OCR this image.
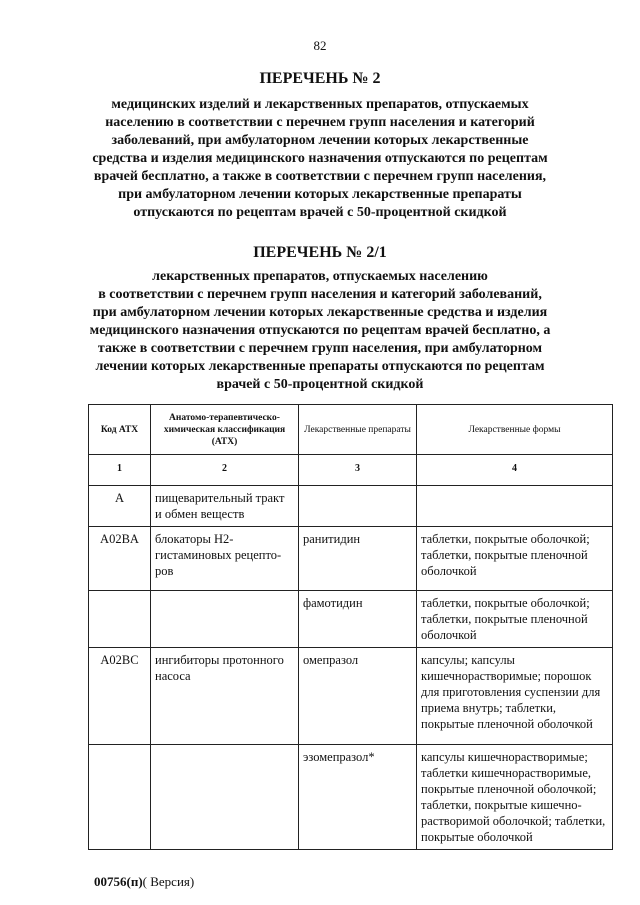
82
ПЕРЕЧЕНЬ № 2
медицинских изделий и лекарственных препаратов, отпускаемых
населению в соответствии с перечнем групп населения и категорий
заболеваний, при амбулаторном лечении которых лекарственные
средства и изделия медицинского назначения отпускаются по рецептам
врачей бесплатно, а также в соответствии с перечнем групп населения,
при амбулаторном лечении которых лекарственные препараты
отпускаются по рецептам врачей с 50-процентной скидкой
ПЕРЕЧЕНЬ № 2/1
лекарственных препаратов, отпускаемых населению
в соответствии с перечнем групп населения и категорий заболеваний,
при амбулаторном лечении которых лекарственные средства и изделия
медицинского назначения отпускаются по рецептам врачей бесплатно, а
также в соответствии с перечнем групп населения, при амбулаторном
лечении которых лекарственные препараты отпускаются по рецептам
врачей с 50-процентной скидкой
Код АТХ	Анатомо-терапевтическо-химическая классификация (АТХ)	Лекарственные препараты	Лекарственные формы
1	2	3	4
А	пищеварительный тракт и обмен веществ		
A02BA	блокаторы H2-гистаминовых рецепто-ров	ранитидин	таблетки, покрытые оболочкой; таблетки, покрытые пленочной оболочкой
		фамотидин	таблетки, покрытые оболочкой; таблетки, покрытые пленочной оболочкой
A02BC	ингибиторы протонного насоса	омепразол	капсулы; капсулы кишечнорастворимые; порошок для приготовления суспензии для приема внутрь; таблетки, покрытые пленочной оболочкой
		эзомепразол*	капсулы кишечнорастворимые; таблетки кишечнорастворимые, покрытые пленочной оболочкой; таблетки, покрытые кишечно-растворимой оболочкой; таблетки, покрытые оболочкой
00756(п)( Версия)
